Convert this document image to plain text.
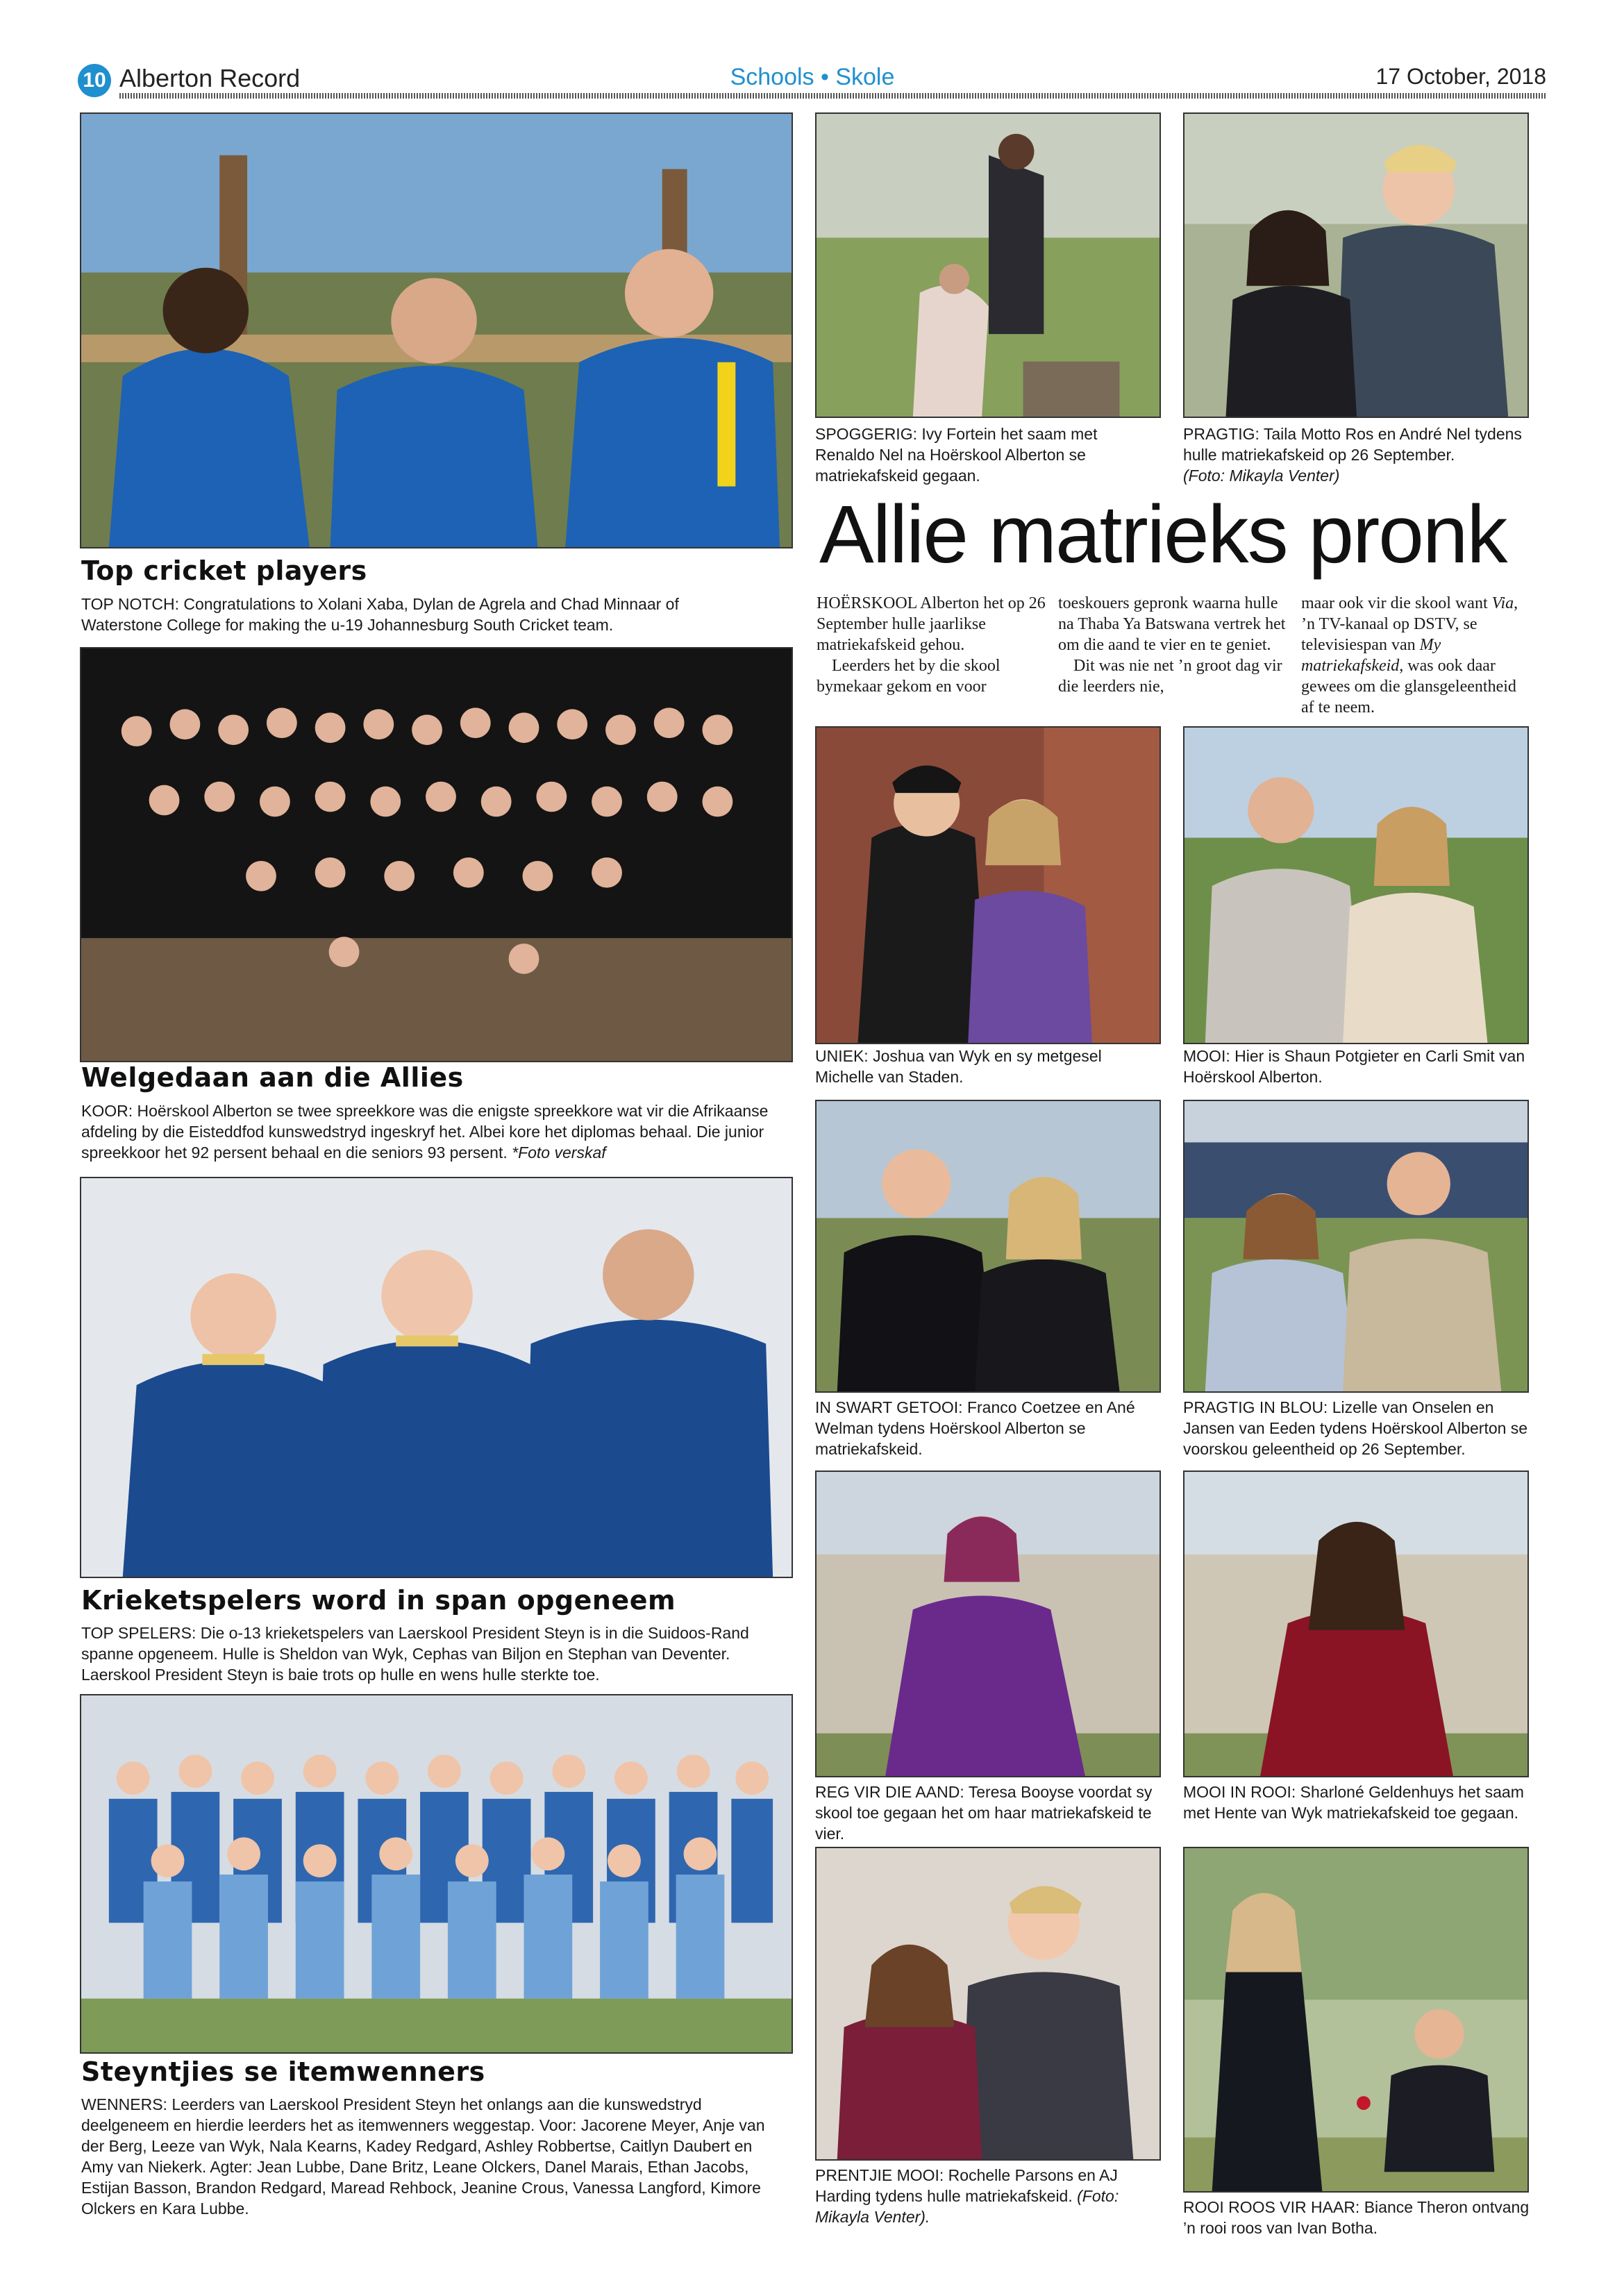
10 Alberton Record	Schools • Skole	17 October, 2018
Top cricket players
TOP NOTCH: Congratulations to Xolani Xaba, Dylan de Agrela and Chad Minnaar of Waterstone College for making the u-19 Johannesburg South Cricket team.
Welgedaan aan die Allies
KOOR: Hoërskool Alberton se twee spreekkore was die enigste spreekkore wat vir die Afrikaanse afdeling by die Eisteddfod kunswedstryd ingeskryf het. Albei kore het diplomas behaal. Die junior spreekkoor het 92 persent behaal en die seniors 93 persent. *Foto verskaf
Krieketspelers word in span opgeneem
TOP SPELERS: Die o-13 krieketspelers van Laerskool President Steyn is in die Suidoos-Rand spanne opgeneem. Hulle is Sheldon van Wyk, Cephas van Biljon en Stephan van Deventer. Laerskool President Steyn is baie trots op hulle en wens hulle sterkte toe.
Steyntjies se itemwenners
WENNERS: Leerders van Laerskool President Steyn het onlangs aan die kunswedstryd deelgeneem en hierdie leerders het as itemwenners weggestap. Voor: Jacorene Meyer, Anje van der Berg, Leeze van Wyk, Nala Kearns, Kadey Redgard, Ashley Robbertse, Caitlyn Daubert en Amy van Niekerk. Agter: Jean Lubbe, Dane Britz, Leane Olckers, Danel Marais, Ethan Jacobs, Estijan Basson, Brandon Redgard, Maread Rehbock, Jeanine Crous, Vanessa Langford, Kimore Olckers en Kara Lubbe.
SPOGGERIG: Ivy Fortein het saam met Renaldo Nel na Hoërskool Alberton se matriekafskeid gegaan.
PRAGTIG: Taila Motto Ros en André Nel tydens hulle matriekafskeid op 26 September.
(Foto: Mikayla Venter)
Allie matrieks pronk

HOËRSKOOL Alberton het op 26 September hulle jaarlikse matriekafskeid gehou.

Leerders het by die skool bymekaar gekom en voor

toeskouers gepronk waarna hulle na Thaba Ya Batswana vertrek het om die aand te vier en te geniet.

Dit was nie net ’n groot dag vir die leerders nie,

maar ook vir die skool want Via, ’n TV-kanaal op DSTV, se televisiespan van My matriekafskeid, was ook daar gewees om die glansgeleentheid af te neem.

UNIEK: Joshua van Wyk en sy metgesel Michelle van Staden.
MOOI: Hier is Shaun Potgieter en Carli Smit van Hoërskool Alberton.
IN SWART GETOOI: Franco Coetzee en Ané Welman tydens Hoërskool Alberton se matriekafskeid.
PRAGTIG IN BLOU: Lizelle van Onselen en Jansen van Eeden tydens Hoërskool Alberton se voorskou geleentheid op 26 September.
REG VIR DIE AAND: Teresa Booyse voordat sy skool toe gegaan het om haar matriekafskeid te vier.
MOOI IN ROOI: Sharloné Geldenhuys het saam met Hente van Wyk matriekafskeid toe gegaan.
PRENTJIE MOOI: Rochelle Parsons en AJ Harding tydens hulle matriekafskeid. (Foto: Mikayla Venter).
ROOI ROOS VIR HAAR: Biance Theron ontvang ’n rooi roos van Ivan Botha.
